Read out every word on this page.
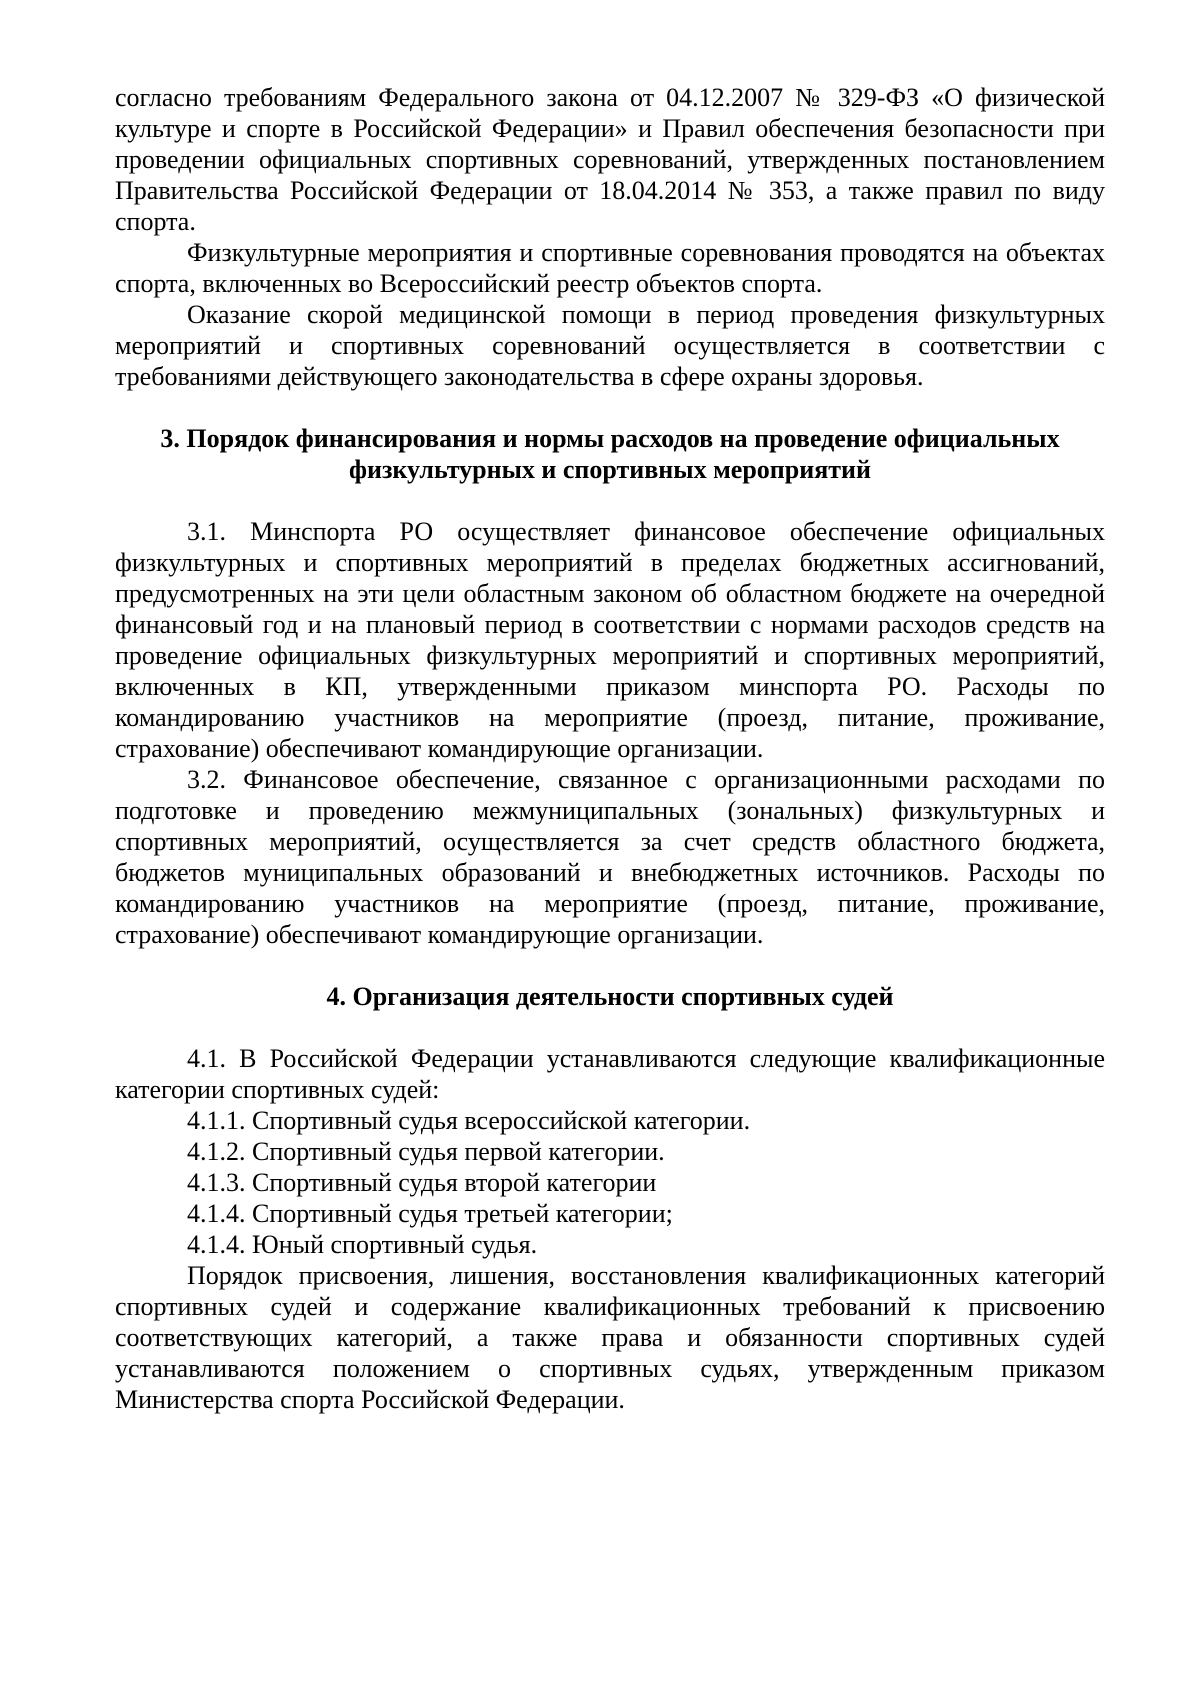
согласно требованиям Федерального закона от 04.12.2007 № 329-ФЗ «О физической культуре и спорте в Российской Федерации» и Правил обеспечения безопасности при проведении официальных спортивных соревнований, утвержденных постановлением Правительства Российской Федерации от 18.04.2014 № 353, а также правил по виду спорта.

Физкультурные мероприятия и спортивные соревнования проводятся на объектах спорта, включенных во Всероссийский реестр объектов спорта.

Оказание скорой медицинской помощи в период проведения физкультурных мероприятий и спортивных соревнований осуществляется в соответствии с требованиями действующего законодательства в сфере охраны здоровья.

3. Порядок финансирования и нормы расходов на проведение официальных
физкультурных и спортивных мероприятий

3.1. Минспорта РО осуществляет финансовое обеспечение официальных физкультурных и спортивных мероприятий в пределах бюджетных ассигнований, предусмотренных на эти цели областным законом об областном бюджете на очередной финансовый год и на плановый период в соответствии с нормами расходов средств на проведение официальных физкультурных мероприятий и спортивных мероприятий, включенных в КП, утвержденными приказом минспорта РО. Расходы по командированию участников на мероприятие (проезд, питание, проживание, страхование) обеспечивают командирующие организации.

3.2. Финансовое обеспечение, связанное с организационными расходами по подготовке и проведению межмуниципальных (зональных) физкультурных и спортивных мероприятий, осуществляется за счет средств областного бюджета, бюджетов муниципальных образований и внебюджетных источников. Расходы по командированию участников на мероприятие (проезд, питание, проживание, страхование) обеспечивают командирующие организации.

4. Организация деятельности спортивных судей

4.1. В Российской Федерации устанавливаются следующие квалификационные категории спортивных судей:

4.1.1. Спортивный судья всероссийской категории.

4.1.2. Спортивный судья первой категории.

4.1.3. Спортивный судья второй категории

4.1.4. Спортивный судья третьей категории;

4.1.4. Юный спортивный судья.

Порядок присвоения, лишения, восстановления квалификационных категорий спортивных судей и содержание квалификационных требований к присвоению соответствующих категорий, а также права и обязанности спортивных судей устанавливаются положением о спортивных судьях, утвержденным приказом Министерства спорта Российской Федерации.
